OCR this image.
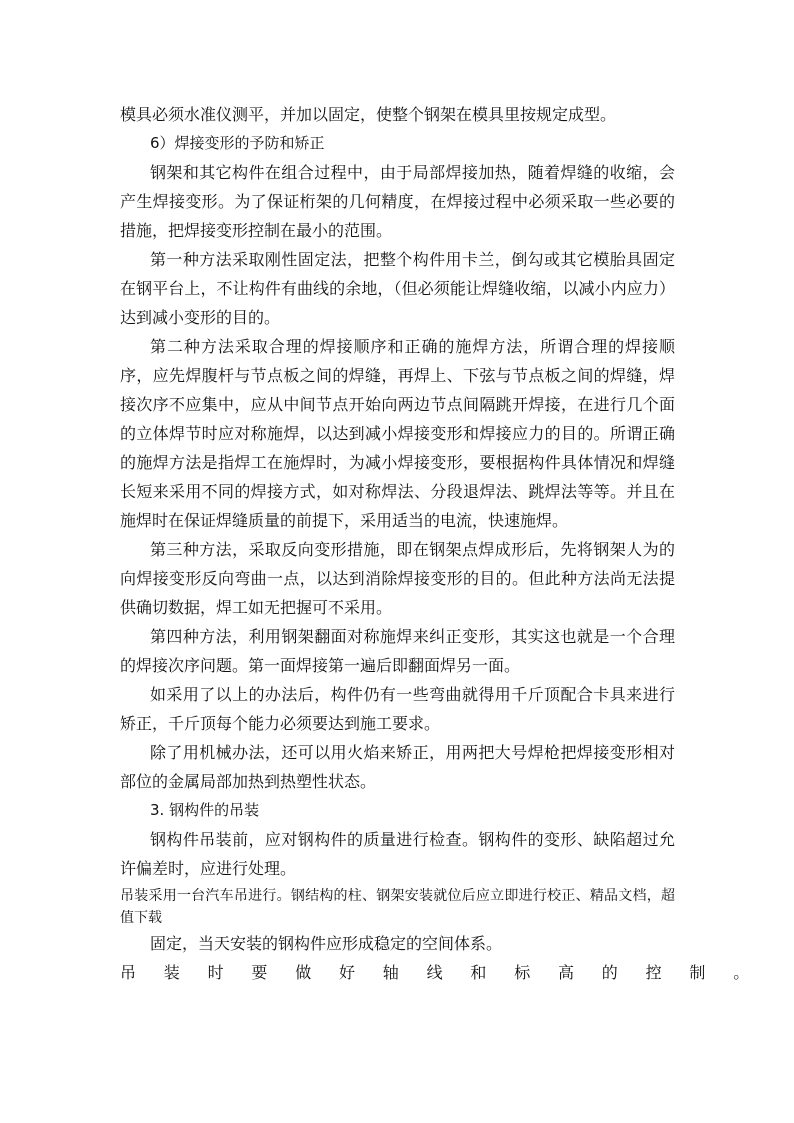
模具必须水准仪测平，并加以固定，使整个钢架在模具里按规定成型。

6）焊接变形的予防和矫正

钢架和其它构件在组合过程中，由于局部焊接加热，随着焊缝的收缩，会产生焊接变形。为了保证桁架的几何精度，在焊接过程中必须采取一些必要的措施，把焊接变形控制在最小的范围。

第一种方法采取刚性固定法，把整个构件用卡兰，倒勾或其它模胎具固定在钢平台上，不让构件有曲线的余地，（但必须能让焊缝收缩，以减小内应力）达到减小变形的目的。

第二种方法采取合理的焊接顺序和正确的施焊方法，所谓合理的焊接顺序，应先焊腹杆与节点板之间的焊缝，再焊上、下弦与节点板之间的焊缝，焊接次序不应集中，应从中间节点开始向两边节点间隔跳开焊接，在进行几个面的立体焊节时应对称施焊，以达到减小焊接变形和焊接应力的目的。所谓正确的施焊方法是指焊工在施焊时，为减小焊接变形，要根据构件具体情况和焊缝长短来采用不同的焊接方式，如对称焊法、分段退焊法、跳焊法等等。并且在施焊时在保证焊缝质量的前提下，采用适当的电流，快速施焊。

第三种方法，采取反向变形措施，即在钢架点焊成形后，先将钢架人为的向焊接变形反向弯曲一点，以达到消除焊接变形的目的。但此种方法尚无法提供确切数据，焊工如无把握可不采用。

第四种方法，利用钢架翻面对称施焊来纠正变形，其实这也就是一个合理的焊接次序问题。第一面焊接第一遍后即翻面焊另一面。

如采用了以上的办法后，构件仍有一些弯曲就得用千斤顶配合卡具来进行矫正，千斤顶每个能力必须要达到施工要求。

除了用机械办法，还可以用火焰来矫正，用两把大号焊枪把焊接变形相对部位的金属局部加热到热塑性状态。

3. 钢构件的吊装

钢构件吊装前，应对钢构件的质量进行检查。钢构件的变形、缺陷超过允许偏差时，应进行处理。

吊装采用一台汽车吊进行。钢结构的柱、钢架安装就位后应立即进行校正、精品文档，超值下载

固定，当天安装的钢构件应形成稳定的空间体系。

吊装时要做好轴线和标高的控制。
